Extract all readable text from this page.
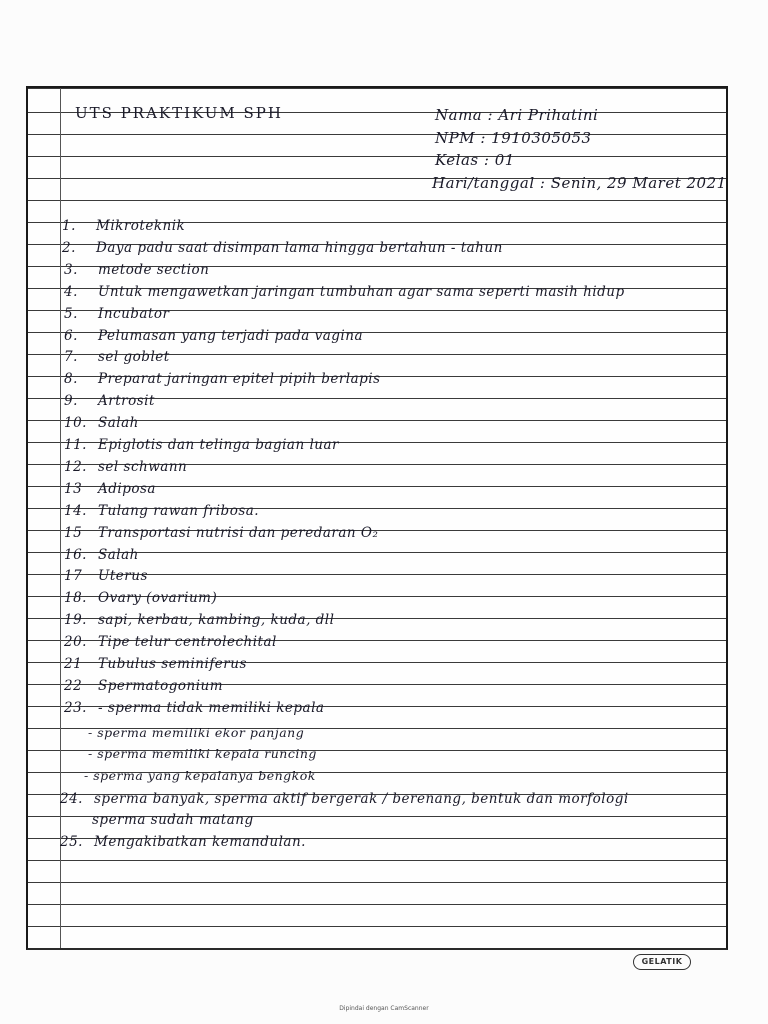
UTS PRAKTIKUM SPH	Nama : Ari Prihatini
NPM : 1910305053
Kelas : 01
Hari/tanggal : Senin, 29 Maret 2021
1. Mikroteknik
2. Daya padu saat disimpan lama hingga bertahun - tahun
3. metode section
4. Untuk mengawetkan jaringan tumbuhan agar sama seperti masih hidup
5. Incubator
6. Pelumasan yang terjadi pada vagina
7. sel goblet
8. Preparat jaringan epitel pipih berlapis
9. Artrosit
10. Salah
11. Epiglotis dan telinga bagian luar
12. sel schwann
13 Adiposa
14. Tulang rawan fribosa.
15 Transportasi nutrisi dan peredaran O₂
16. Salah
17 Uterus
18. Ovary (ovarium)
19. sapi, kerbau, kambing, kuda, dll
20. Tipe telur centrolechital
21 Tubulus seminiferus
22 Spermatogonium
23. - sperma tidak memiliki kepala
- sperma memiliki ekor panjang
- sperma memiliki kepala runcing
- sperma yang kepalanya bengkok
24. sperma banyak, sperma aktif bergerak / berenang, bentuk dan morfologi
sperma sudah matang
25. Mengakibatkan kemandulan.
GELATIK
Dipindai dengan CamScanner
